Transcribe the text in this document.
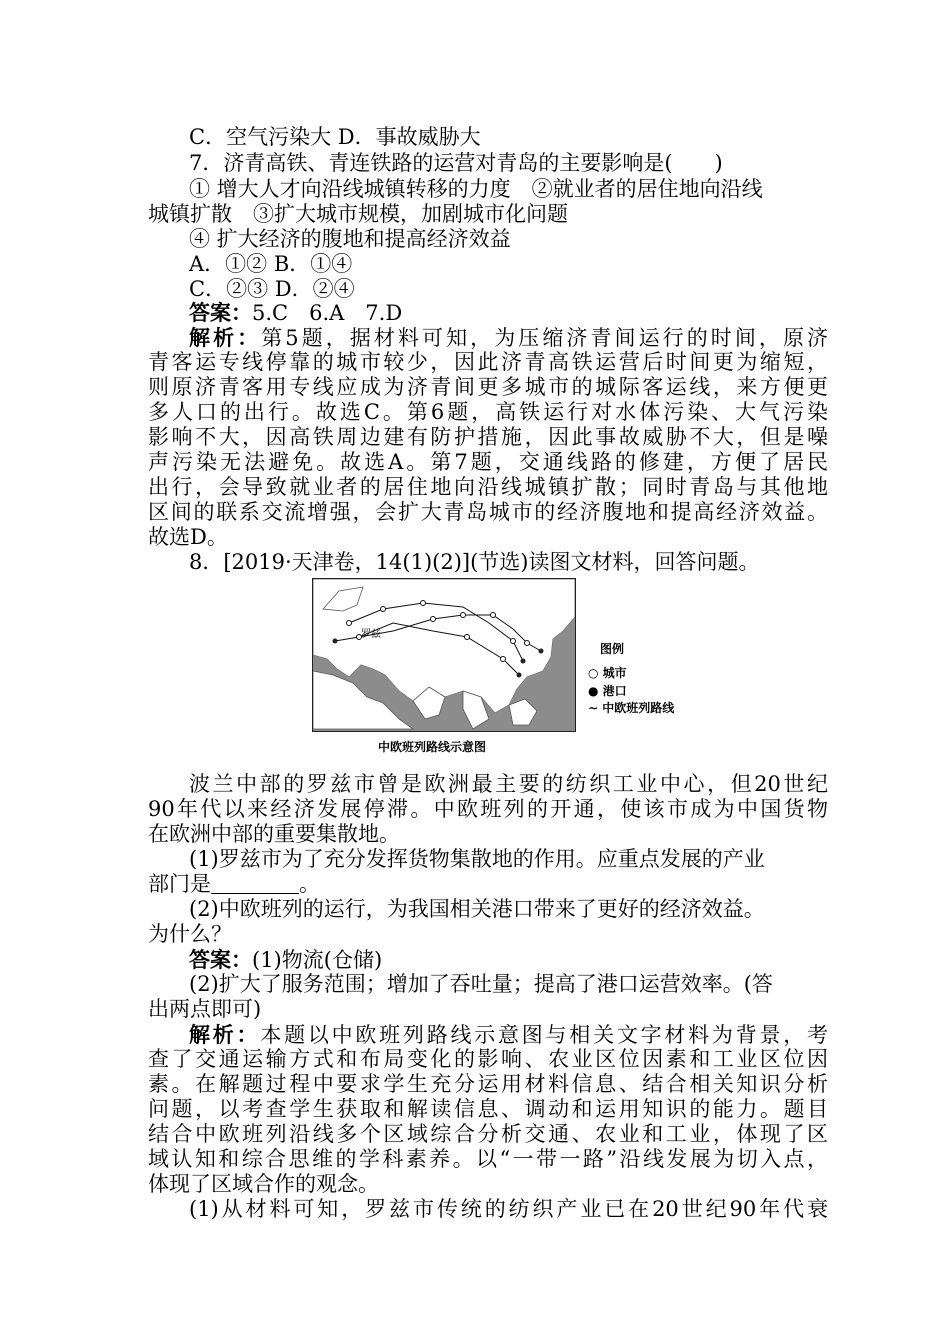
C．空气污染大 D．事故威胁大
7．济青高铁、青连铁路的运营对青岛的主要影响是(　　)
① 增大人才向沿线城镇转移的力度　②就业者的居住地向沿线
城镇扩散　③扩大城市规模，加剧城市化问题
④ 扩大经济的腹地和提高经济效益
A．①② B．①④
C．②③ D．②④
答案：5.C　6.A　7.D
解析：第5题，据材料可知，为压缩济青间运行的时间，原济
青客运专线停靠的城市较少，因此济青高铁运营后时间更为缩短，
则原济青客用专线应成为济青间更多城市的城际客运线，来方便更
多人口的出行。故选C。第6题，高铁运行对水体污染、大气污染
影响不大，因高铁周边建有防护措施，因此事故威胁不大，但是噪
声污染无法避免。故选A。第7题，交通线路的修建，方便了居民
出行，会导致就业者的居住地向沿线城镇扩散；同时青岛与其他地
区间的联系交流增强，会扩大青岛城市的经济腹地和提高经济效益。
故选D。
8．[2019·天津卷，14(1)(2)](节选)读图文材料，回答问题。
罗兹
图例
○ 城市
● 港口
∼ 中欧班列路线
中欧班列路线示意图
波兰中部的罗兹市曾是欧洲最主要的纺织工业中心，但20世纪
90年代以来经济发展停滞。中欧班列的开通，使该市成为中国货物
在欧洲中部的重要集散地。
(1)罗兹市为了充分发挥货物集散地的作用。应重点发展的产业
部门是	。
(2)中欧班列的运行，为我国相关港口带来了更好的经济效益。
为什么？
答案：(1)物流(仓储)
(2)扩大了服务范围；增加了吞吐量；提高了港口运营效率。(答
出两点即可)
解析：本题以中欧班列路线示意图与相关文字材料为背景，考
查了交通运输方式和布局变化的影响、农业区位因素和工业区位因
素。在解题过程中要求学生充分运用材料信息、结合相关知识分析
问题，以考查学生获取和解读信息、调动和运用知识的能力。题目
结合中欧班列沿线多个区域综合分析交通、农业和工业，体现了区
域认知和综合思维的学科素养。以“一带一路”沿线发展为切入点，
体现了区域合作的观念。
(1)从材料可知，罗兹市传统的纺织产业已在20世纪90年代衰
